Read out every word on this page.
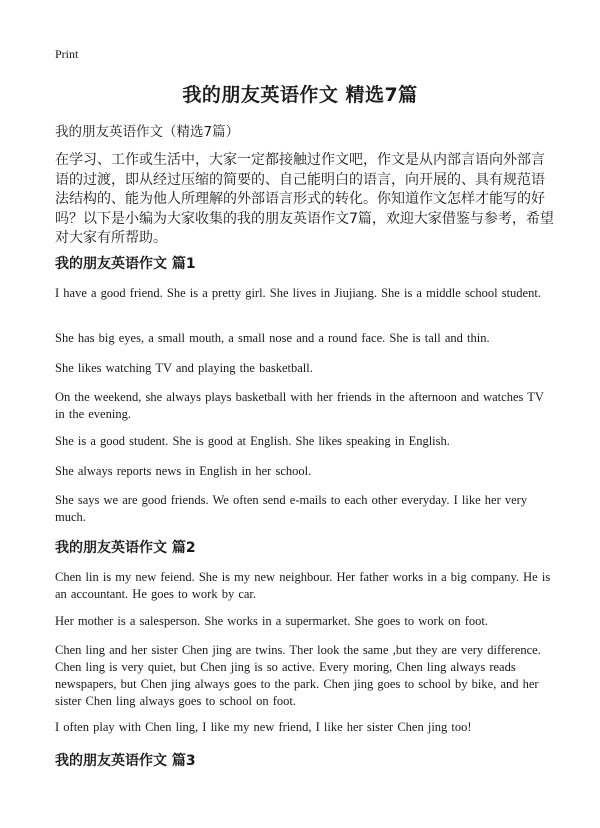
Print
我的朋友英语作文 精选7篇
我的朋友英语作文（精选7篇）
在学习、工作或生活中，大家一定都接触过作文吧，作文是从内部言语向外部言语的过渡，即从经过压缩的简要的、自己能明白的语言，向开展的、具有规范语法结构的、能为他人所理解的外部语言形式的转化。你知道作文怎样才能写的好吗？以下是小编为大家收集的我的朋友英语作文7篇，欢迎大家借鉴与参考，希望对大家有所帮助。
我的朋友英语作文 篇1
I have a good friend. She is a pretty girl. She lives in Jiujiang. She is a middle school student.
She has big eyes, a small mouth, a small nose and a round face. She is tall and thin.
She likes watching TV and playing the basketball.
On the weekend, she always plays basketball with her friends in the afternoon and watches TV in the evening.
She is a good student. She is good at English. She likes speaking in English.
She always reports news in English in her school.
She says we are good friends. We often send e-mails to each other everyday. I like her very much.
我的朋友英语作文 篇2
Chen lin is my new feiend. She is my new neighbour. Her father works in a big company. He is an accountant. He goes to work by car.
Her mother is a salesperson. She works in a supermarket. She goes to work on foot.
Chen ling and her sister Chen jing are twins. Ther look the same ,but they are very difference. Chen ling is very quiet, but Chen jing is so active. Every moring, Chen ling always reads newspapers, but Chen jing always goes to the park. Chen jing goes to school by bike, and her sister Chen ling always goes to school on foot.
I often play with Chen ling, I like my new friend, I like her sister Chen jing too!
我的朋友英语作文 篇3
